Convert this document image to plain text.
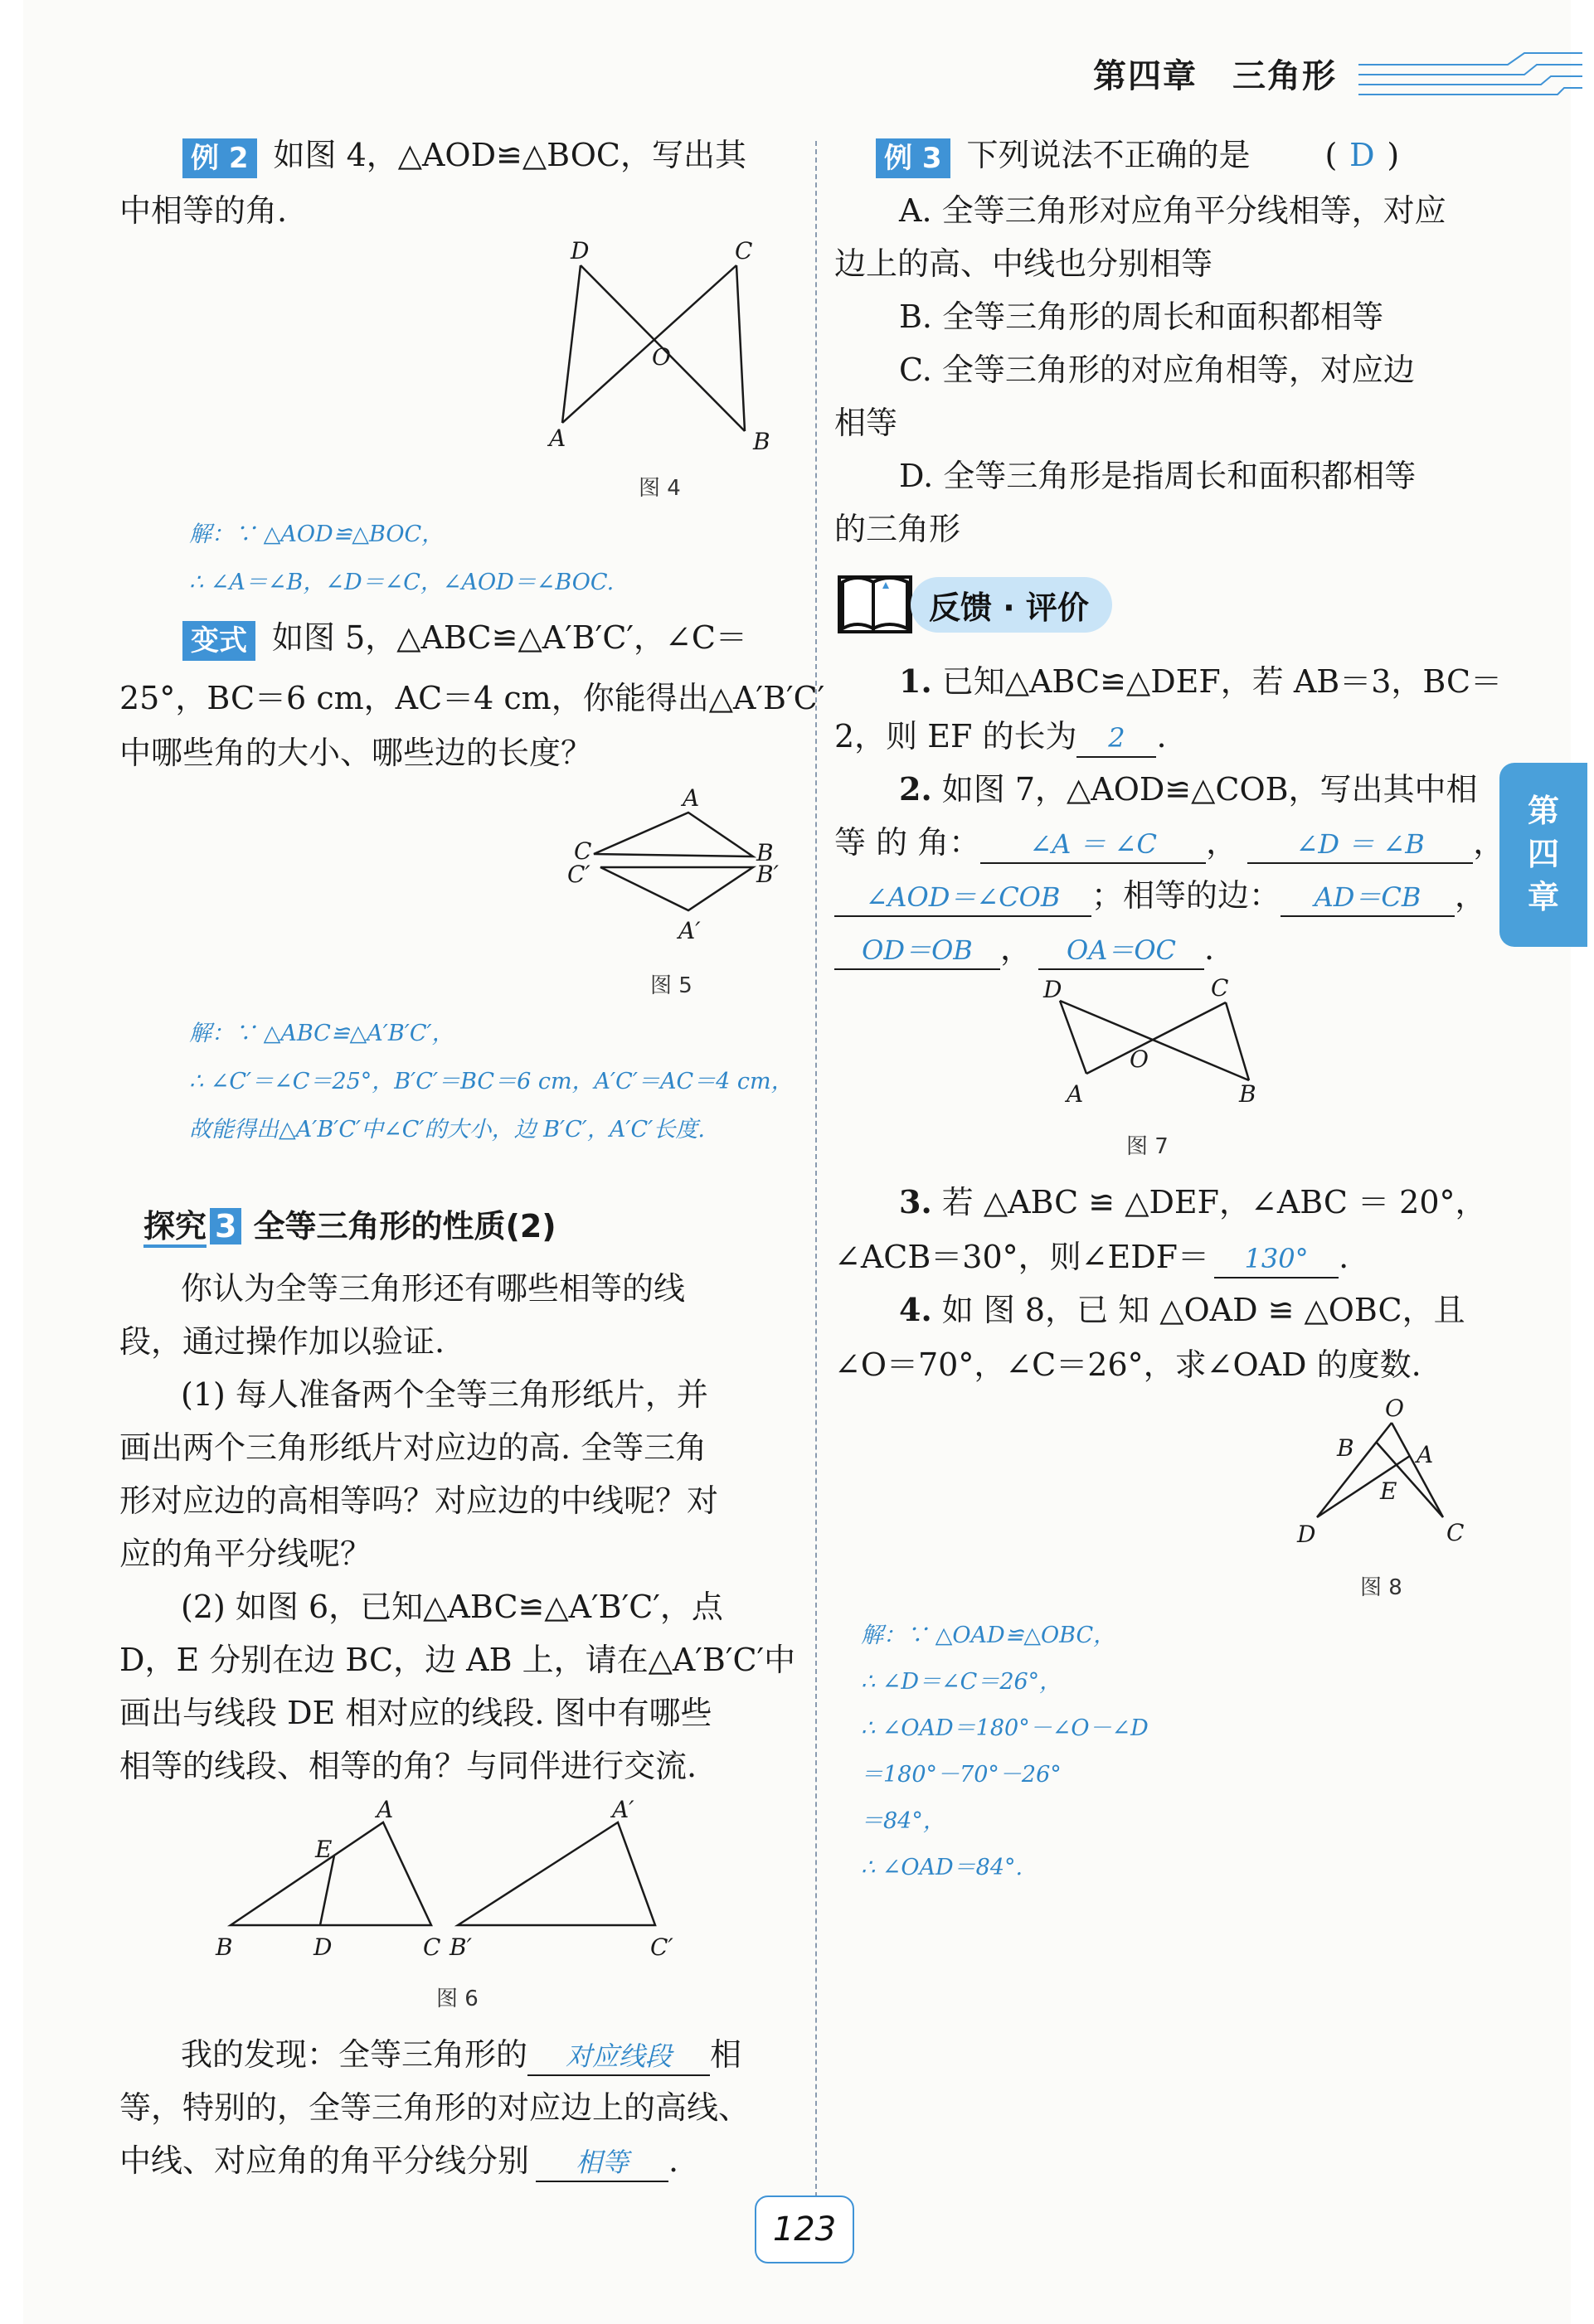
第四章　三角形
第四章
例 2 如图 4，△AOD≌△BOC，写出其
中相等的角.
D	C
O
A	B
图 4
解：∵ △AOD≌△BOC，
∴ ∠A＝∠B，∠D＝∠C，∠AOD＝∠BOC.
变式 如图 5，△ABC≌△A′B′C′，∠C＝
25°，BC＝6 cm，AC＝4 cm，你能得出△A′B′C′
中哪些角的大小、哪些边的长度？
A
C	B
C′	B′
A′
图 5
解：∵ △ABC≌△A′B′C′，
∴ ∠C′＝∠C＝25°，B′C′＝BC＝6 cm，A′C′＝AC＝4 cm，
故能得出△A′B′C′中∠C′的大小，边 B′C′，A′C′长度.
探究 3 全等三角形的性质(2)
你认为全等三角形还有哪些相等的线
段，通过操作加以验证.
(1) 每人准备两个全等三角形纸片，并
画出两个三角形纸片对应边的高. 全等三角
形对应边的高相等吗？对应边的中线呢？对
应的角平分线呢？
(2) 如图 6，已知△ABC≌△A′B′C′，点
D，E 分别在边 BC，边 AB 上，请在△A′B′C′中
画出与线段 DE 相对应的线段. 图中有哪些
相等的线段、相等的角？与同伴进行交流.
A
E
B	D	C
A′
B′	C′
图 6
我的发现：全等三角形的 对应线段 相
等，特别的，全等三角形的对应边上的高线、
中线、对应角的角平分线分别 相等 .
例 3 下列说法不正确的是 ( D )
A. 全等三角形对应角平分线相等，对应
边上的高、中线也分别相等
B. 全等三角形的周长和面积都相等
C. 全等三角形的对应角相等，对应边
相等
D. 全等三角形是指周长和面积都相等
的三角形
反馈 · 评价
1. 已知△ABC≌△DEF，若 AB＝3，BC＝
2，则 EF 的长为 2 .
2. 如图 7，△AOD≌△COB，写出其中相
等 的 角： ∠A ＝ ∠C ， ∠D ＝ ∠B ，
∠AOD＝∠COB ；相等的边： AD＝CB ，
OD＝OB ， OA＝OC .
D	C
O
A	B
图 7
3. 若 △ABC ≌ △DEF，∠ABC ＝ 20°，
∠ACB＝30°，则∠EDF＝ 130° .
4. 如 图 8，已 知 △OAD ≌ △OBC，且
∠O＝70°，∠C＝26°，求∠OAD 的度数.
O
B	A
E
D	C
图 8
解：∵ △OAD≌△OBC，
∴ ∠D＝∠C＝26°，
∴ ∠OAD＝180°－∠O－∠D
＝180°－70°－26°
＝84°，
∴ ∠OAD＝84°.
123
